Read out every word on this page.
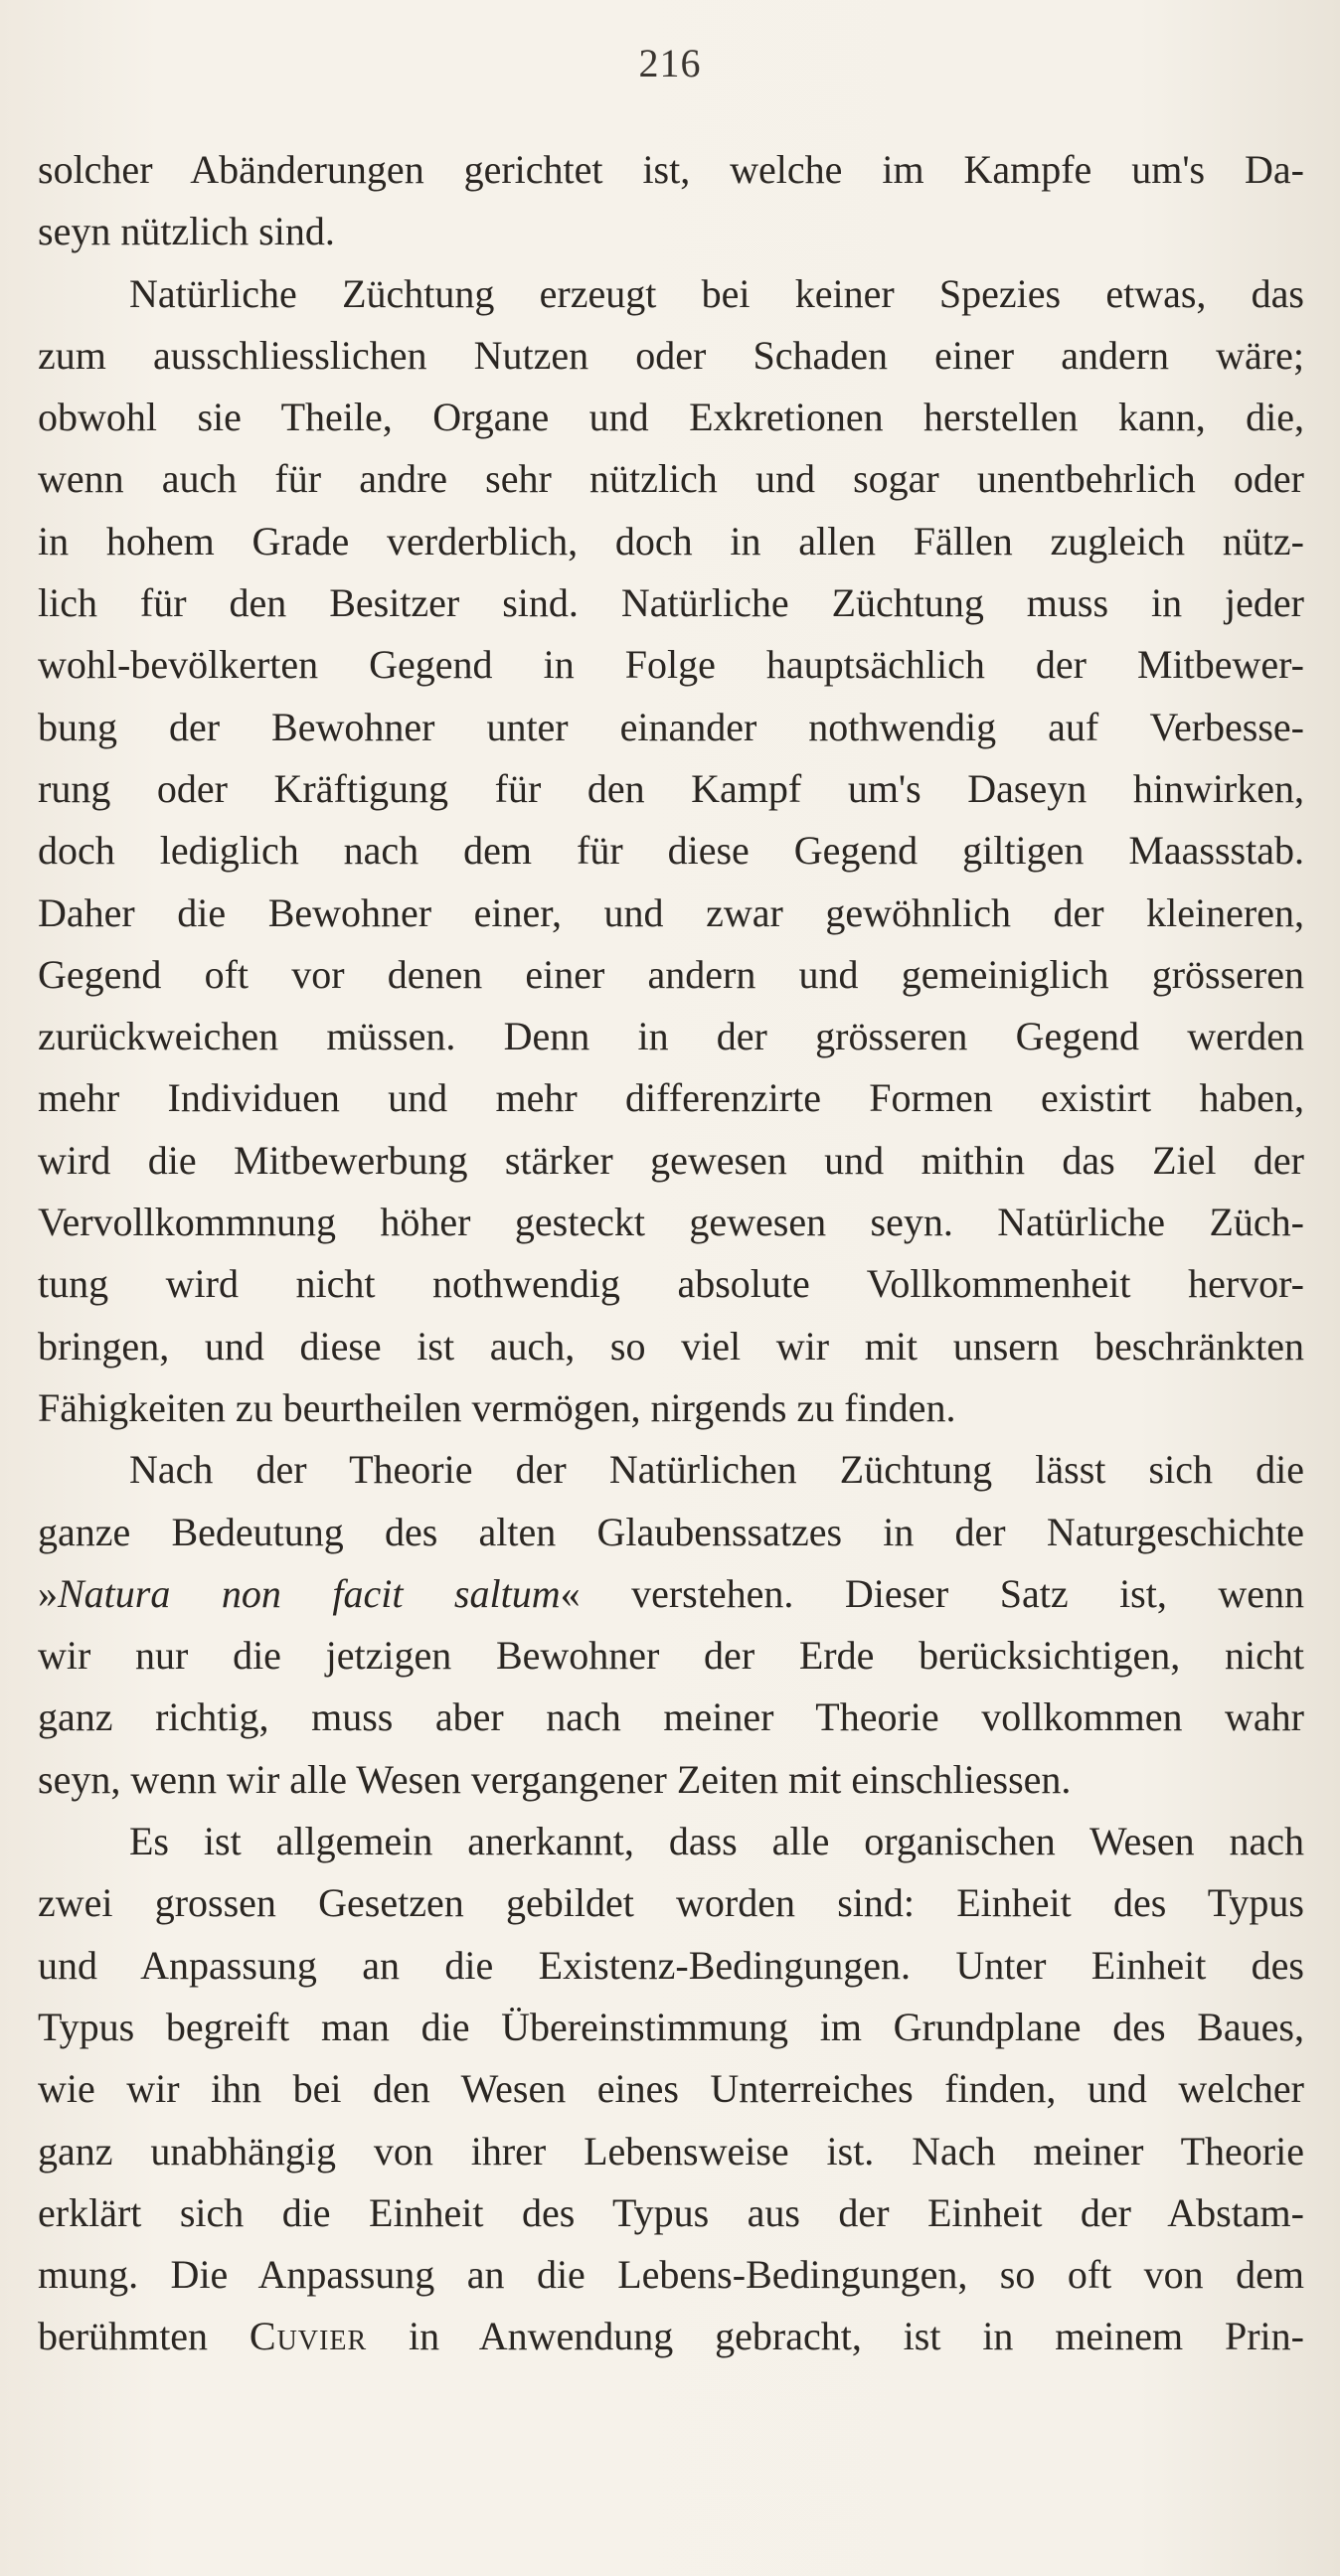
216
solcher Abänderungen gerichtet ist, welche im Kampfe um's Da-
seyn nützlich sind.
Natürliche Züchtung erzeugt bei keiner Spezies etwas, das
zum ausschliesslichen Nutzen oder Schaden einer andern wäre;
obwohl sie Theile, Organe und Exkretionen herstellen kann, die,
wenn auch für andre sehr nützlich und sogar unentbehrlich oder
in hohem Grade verderblich, doch in allen Fällen zugleich nütz-
lich für den Besitzer sind. Natürliche Züchtung muss in jeder
wohl-bevölkerten Gegend in Folge hauptsächlich der Mitbewer-
bung der Bewohner unter einander nothwendig auf Verbesse-
rung oder Kräftigung für den Kampf um's Daseyn hinwirken,
doch lediglich nach dem für diese Gegend giltigen Maassstab.
Daher die Bewohner einer, und zwar gewöhnlich der kleineren,
Gegend oft vor denen einer andern und gemeiniglich grösseren
zurückweichen müssen. Denn in der grösseren Gegend werden
mehr Individuen und mehr differenzirte Formen existirt haben,
wird die Mitbewerbung stärker gewesen und mithin das Ziel der
Vervollkommnung höher gesteckt gewesen seyn. Natürliche Züch-
tung wird nicht nothwendig absolute Vollkommenheit hervor-
bringen, und diese ist auch, so viel wir mit unsern beschränkten
Fähigkeiten zu beurtheilen vermögen, nirgends zu finden.
Nach der Theorie der Natürlichen Züchtung lässt sich die
ganze Bedeutung des alten Glaubenssatzes in der Naturgeschichte
»Natura non facit saltum« verstehen. Dieser Satz ist, wenn
wir nur die jetzigen Bewohner der Erde berücksichtigen, nicht
ganz richtig, muss aber nach meiner Theorie vollkommen wahr
seyn, wenn wir alle Wesen vergangener Zeiten mit einschliessen.
Es ist allgemein anerkannt, dass alle organischen Wesen nach
zwei grossen Gesetzen gebildet worden sind: Einheit des Typus
und Anpassung an die Existenz-Bedingungen. Unter Einheit des
Typus begreift man die Übereinstimmung im Grundplane des Baues,
wie wir ihn bei den Wesen eines Unterreiches finden, und welcher
ganz unabhängig von ihrer Lebensweise ist. Nach meiner Theorie
erklärt sich die Einheit des Typus aus der Einheit der Abstam-
mung. Die Anpassung an die Lebens-Bedingungen, so oft von dem
berühmten Cuvier in Anwendung gebracht, ist in meinem Prin-
